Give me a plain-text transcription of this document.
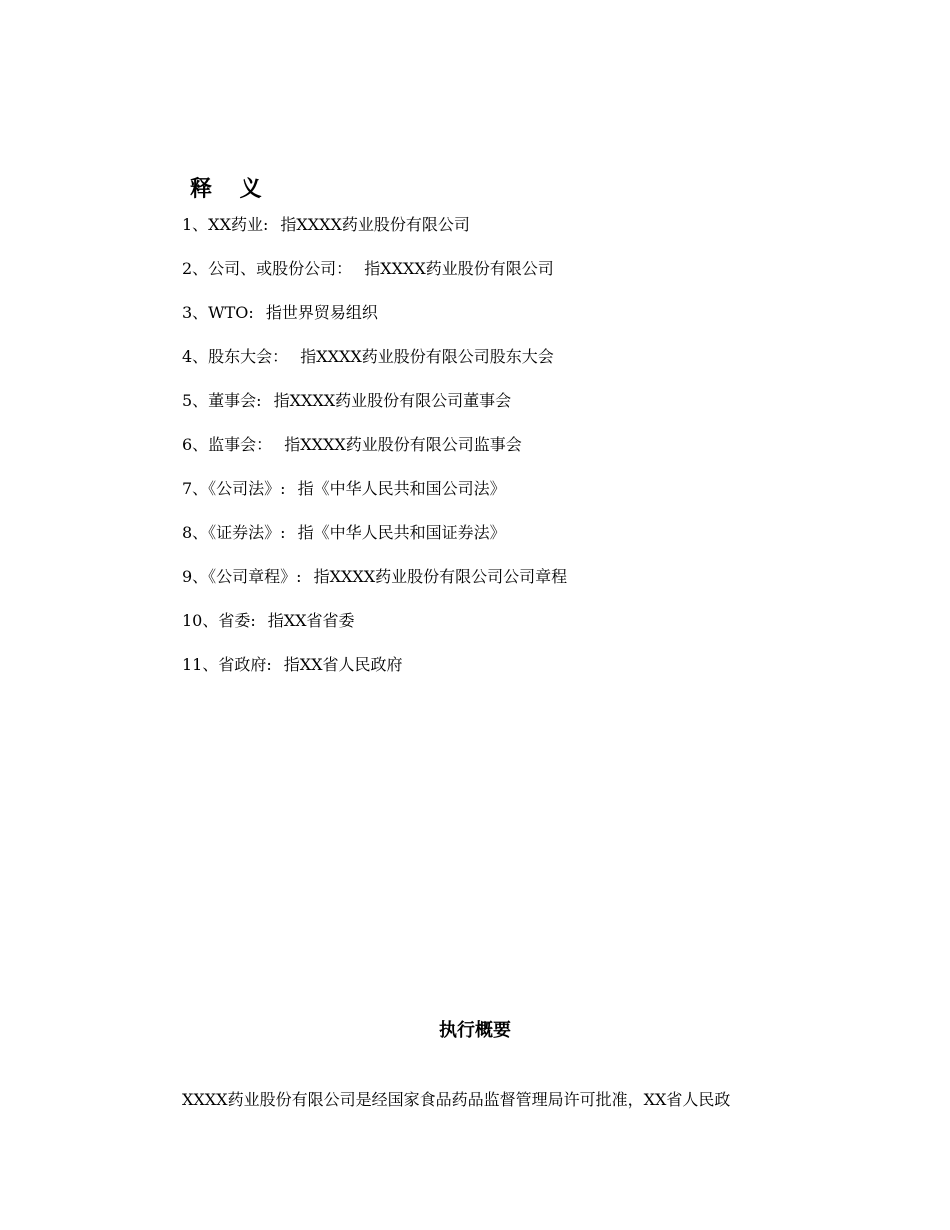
释 义
1、XX药业: 指XXXX药业股份有限公司
2、公司、或股份公司： 指XXXX药业股份有限公司
3、WTO: 指世界贸易组织
4、股东大会： 指XXXX药业股份有限公司股东大会
5、董事会: 指XXXX药业股份有限公司董事会
6、监事会： 指XXXX药业股份有限公司监事会
7、《公司法》: 指《中华人民共和国公司法》
8、《证券法》: 指《中华人民共和国证券法》
9、《公司章程》: 指XXXX药业股份有限公司公司章程
10、省委: 指XX省省委
11、省政府: 指XX省人民政府
执行概要

XXXX药业股份有限公司是经国家食品药品监督管理局许可批准，XX省人民政
